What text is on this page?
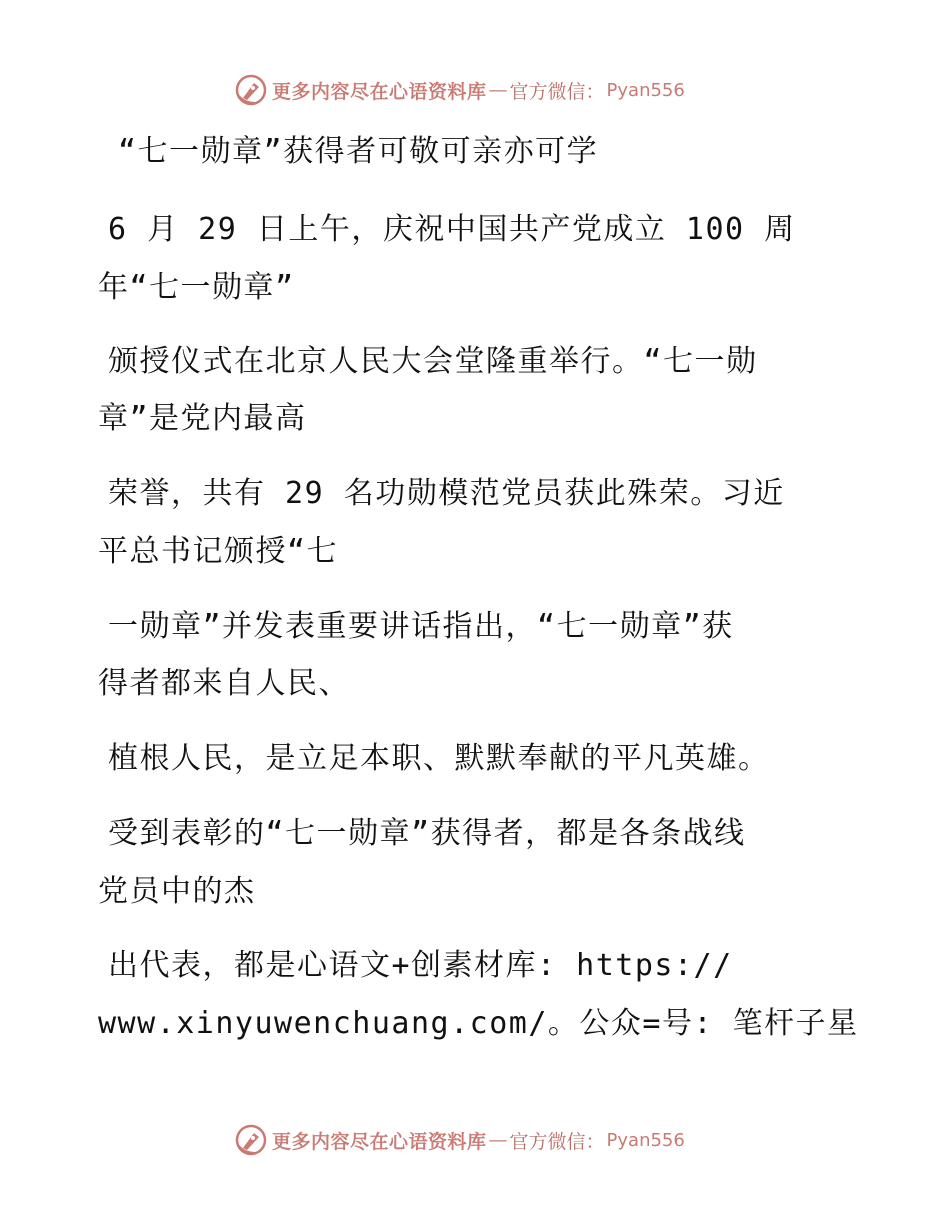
更多内容尽在心语资料库 — 官方微信： Pyan556
“七一勋章”获得者可敬可亲亦可学
6 月 29 日上午，庆祝中国共产党成立 100 周
年“七一勋章”
颁授仪式在北京人民大会堂隆重举行。“七一勋
章”是党内最高
荣誉，共有 29 名功勋模范党员获此殊荣。习近
平总书记颁授“七
一勋章”并发表重要讲话指出，“七一勋章”获
得者都来自人民、
植根人民，是立足本职、默默奉献的平凡英雄。
受到表彰的“七一勋章”获得者，都是各条战线
党员中的杰
出代表，都是心语文+创素材库: https://
www.xinyuwenchuang.com/。公众=号: 笔杆子星
更多内容尽在心语资料库 — 官方微信： Pyan556
